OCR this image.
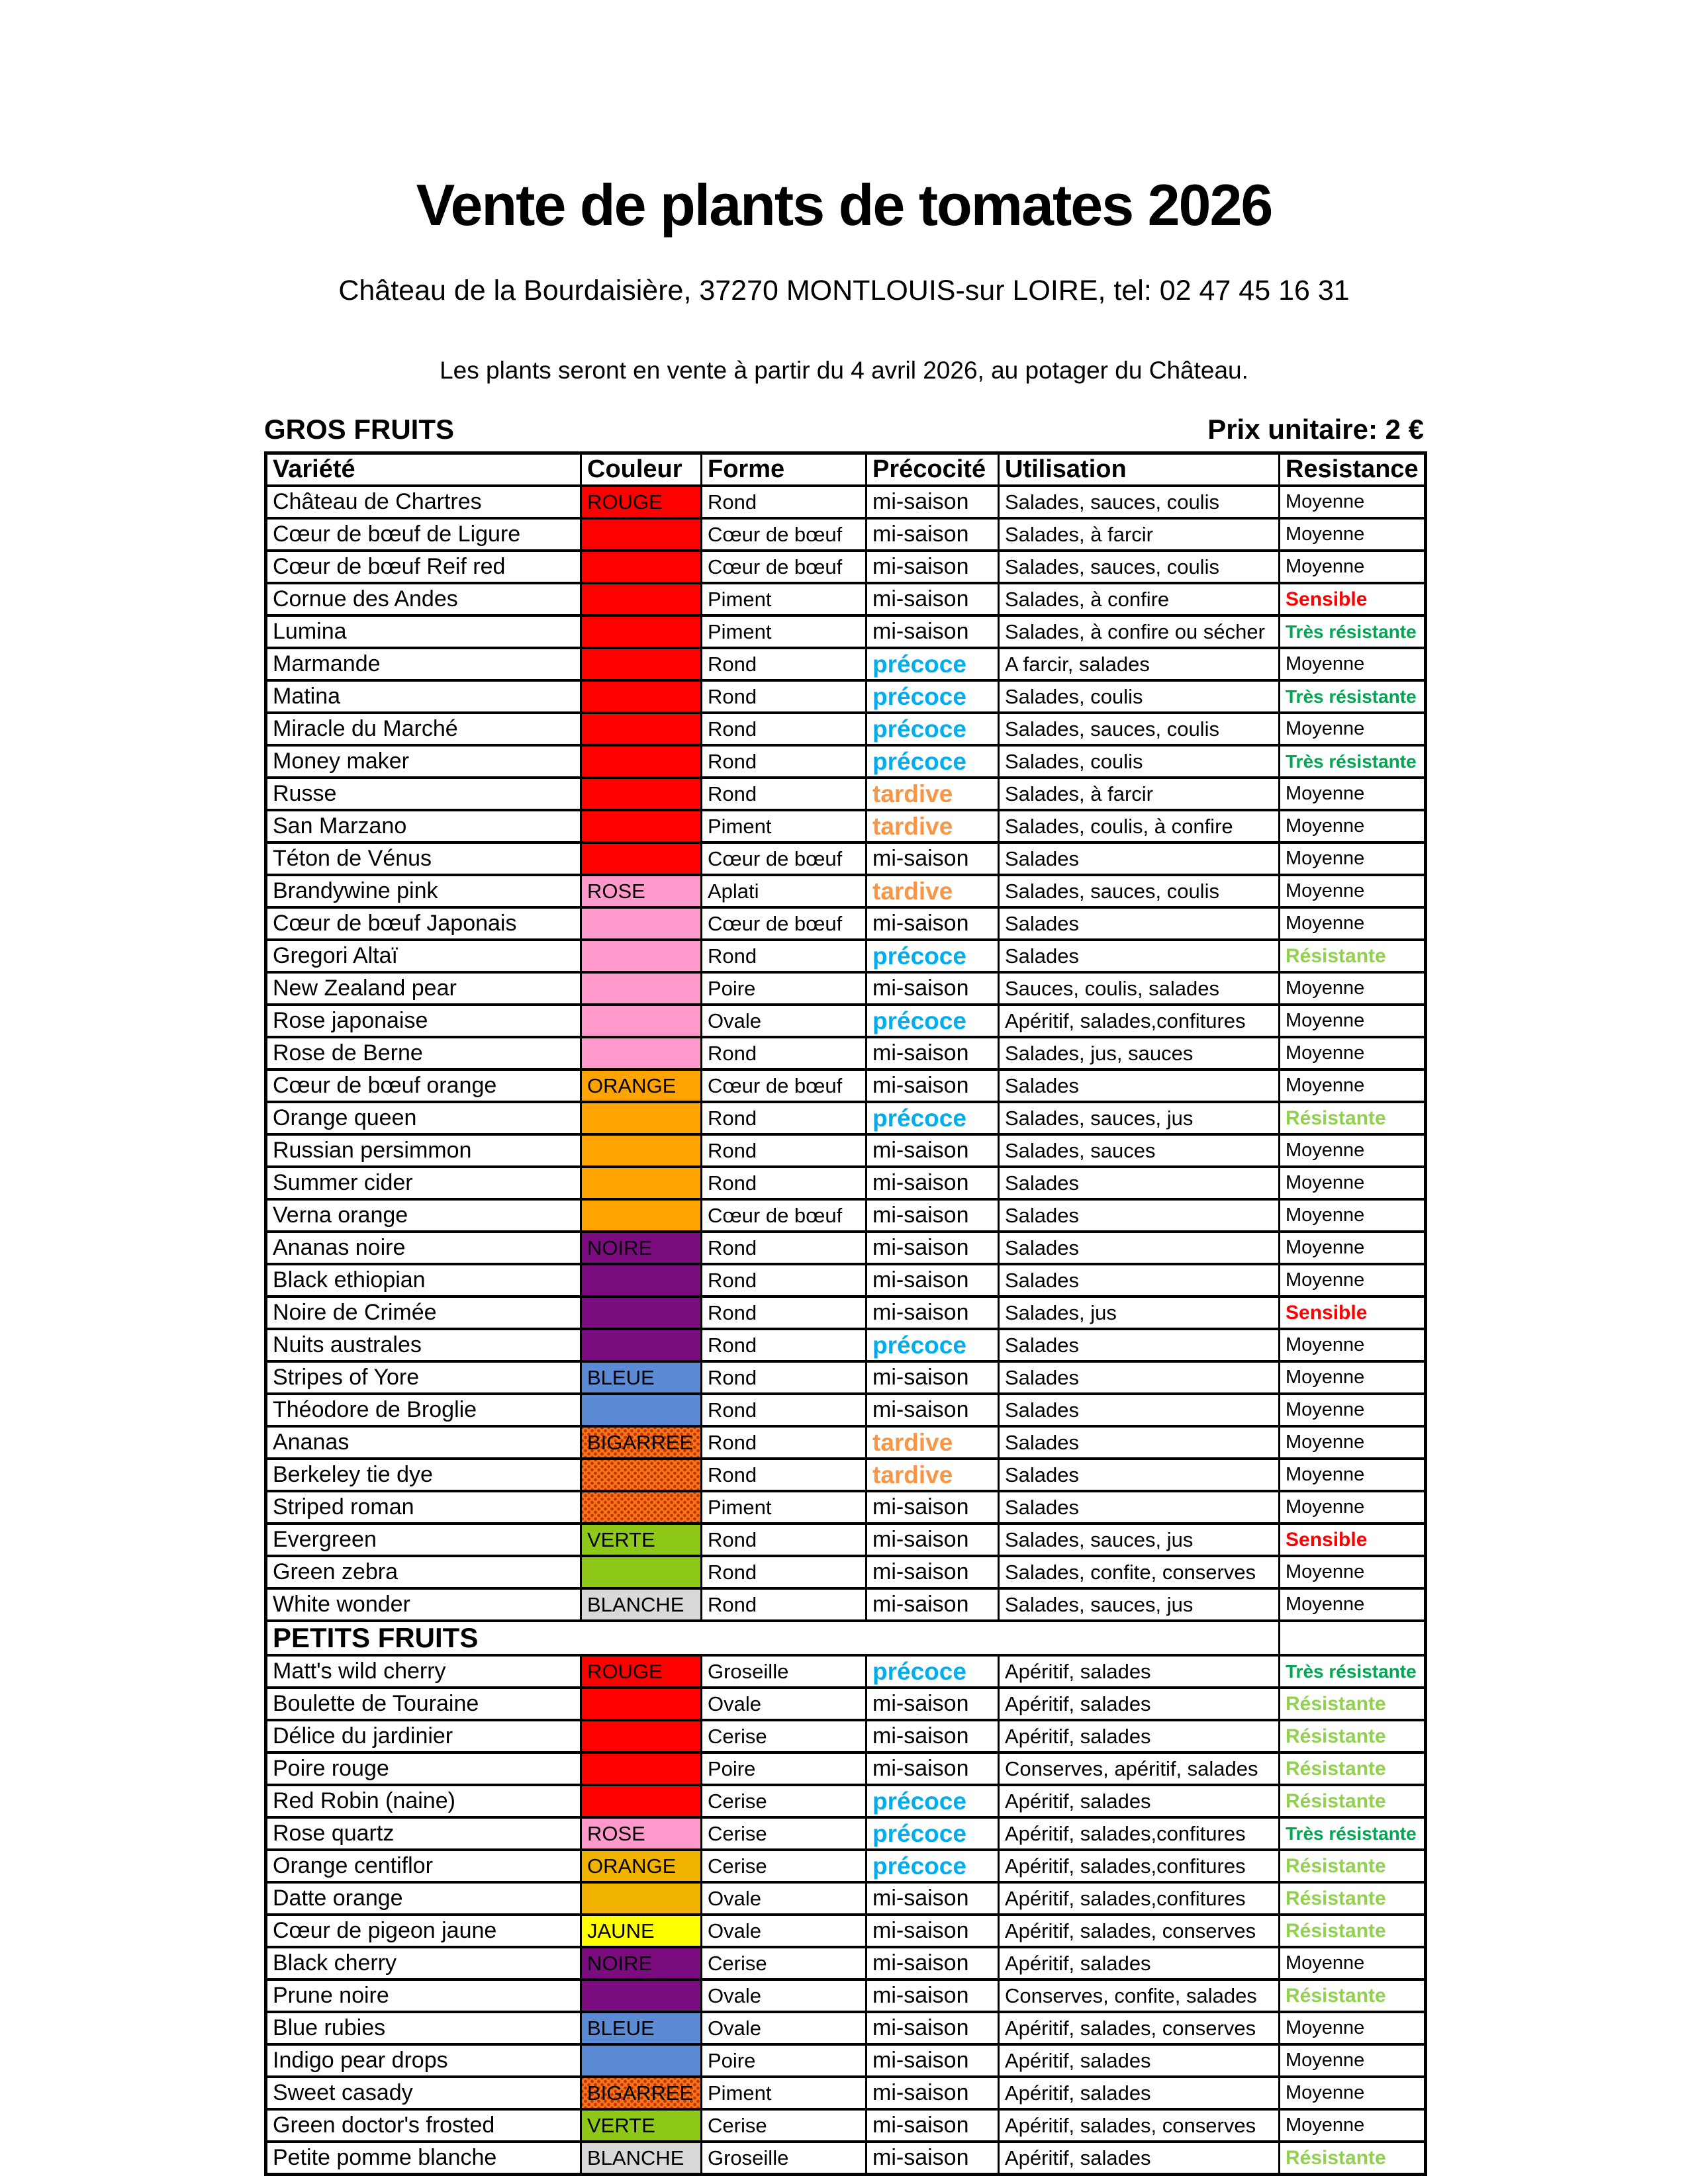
Vente de plants de tomates 2026

Château de la Bourdaisière, 37270 MONTLOUIS-sur LOIRE, tel: 02 47 45 16 31

Les plants seront en vente à partir du 4 avril 2026, au potager du Château.

GROS FRUITS	Prix unitaire: 2 €
Variété	Couleur	Forme	Précocité	Utilisation	Resistance
Château de Chartres	ROUGE	Rond	mi-saison	Salades, sauces, coulis	Moyenne
Cœur de bœuf de Ligure		Cœur de bœuf	mi-saison	Salades, à farcir	Moyenne
Cœur de bœuf Reif red		Cœur de bœuf	mi-saison	Salades, sauces, coulis	Moyenne
Cornue des Andes		Piment	mi-saison	Salades, à confire	Sensible
Lumina		Piment	mi-saison	Salades, à confire ou sécher	Très résistante
Marmande		Rond	précoce	A farcir, salades	Moyenne
Matina		Rond	précoce	Salades, coulis	Très résistante
Miracle du Marché		Rond	précoce	Salades, sauces, coulis	Moyenne
Money maker		Rond	précoce	Salades, coulis	Très résistante
Russe		Rond	tardive	Salades, à farcir	Moyenne
San Marzano		Piment	tardive	Salades, coulis, à confire	Moyenne
Téton de Vénus		Cœur de bœuf	mi-saison	Salades	Moyenne
Brandywine pink	ROSE	Aplati	tardive	Salades, sauces, coulis	Moyenne
Cœur de bœuf Japonais		Cœur de bœuf	mi-saison	Salades	Moyenne
Gregori Altaï		Rond	précoce	Salades	Résistante
New Zealand pear		Poire	mi-saison	Sauces, coulis, salades	Moyenne
Rose japonaise		Ovale	précoce	Apéritif, salades,confitures	Moyenne
Rose de Berne		Rond	mi-saison	Salades, jus, sauces	Moyenne
Cœur de bœuf orange	ORANGE	Cœur de bœuf	mi-saison	Salades	Moyenne
Orange queen		Rond	précoce	Salades, sauces, jus	Résistante
Russian persimmon		Rond	mi-saison	Salades, sauces	Moyenne
Summer cider		Rond	mi-saison	Salades	Moyenne
Verna orange		Cœur de bœuf	mi-saison	Salades	Moyenne
Ananas noire	NOIRE	Rond	mi-saison	Salades	Moyenne
Black ethiopian		Rond	mi-saison	Salades	Moyenne
Noire de Crimée		Rond	mi-saison	Salades, jus	Sensible
Nuits australes		Rond	précoce	Salades	Moyenne
Stripes of Yore	BLEUE	Rond	mi-saison	Salades	Moyenne
Théodore de Broglie		Rond	mi-saison	Salades	Moyenne
Ananas	BIGARREE	Rond	tardive	Salades	Moyenne
Berkeley tie dye		Rond	tardive	Salades	Moyenne
Striped roman		Piment	mi-saison	Salades	Moyenne
Evergreen	VERTE	Rond	mi-saison	Salades, sauces, jus	Sensible
Green zebra		Rond	mi-saison	Salades, confite, conserves	Moyenne
White wonder	BLANCHE	Rond	mi-saison	Salades, sauces, jus	Moyenne
PETITS FRUITS					
Matt's wild cherry	ROUGE	Groseille	précoce	Apéritif, salades	Très résistante
Boulette de Touraine		Ovale	mi-saison	Apéritif, salades	Résistante
Délice du jardinier		Cerise	mi-saison	Apéritif, salades	Résistante
Poire rouge		Poire	mi-saison	Conserves, apéritif, salades	Résistante
Red Robin (naine)		Cerise	précoce	Apéritif, salades	Résistante
Rose quartz	ROSE	Cerise	précoce	Apéritif, salades,confitures	Très résistante
Orange centiflor	ORANGE	Cerise	précoce	Apéritif, salades,confitures	Résistante
Datte orange		Ovale	mi-saison	Apéritif, salades,confitures	Résistante
Cœur de pigeon jaune	JAUNE	Ovale	mi-saison	Apéritif, salades, conserves	Résistante
Black cherry	NOIRE	Cerise	mi-saison	Apéritif, salades	Moyenne
Prune noire		Ovale	mi-saison	Conserves, confite, salades	Résistante
Blue rubies	BLEUE	Ovale	mi-saison	Apéritif, salades, conserves	Moyenne
Indigo pear drops		Poire	mi-saison	Apéritif, salades	Moyenne
Sweet casady	BIGARREE	Piment	mi-saison	Apéritif, salades	Moyenne
Green doctor's frosted	VERTE	Cerise	mi-saison	Apéritif, salades, conserves	Moyenne
Petite pomme blanche	BLANCHE	Groseille	mi-saison	Apéritif, salades	Résistante
